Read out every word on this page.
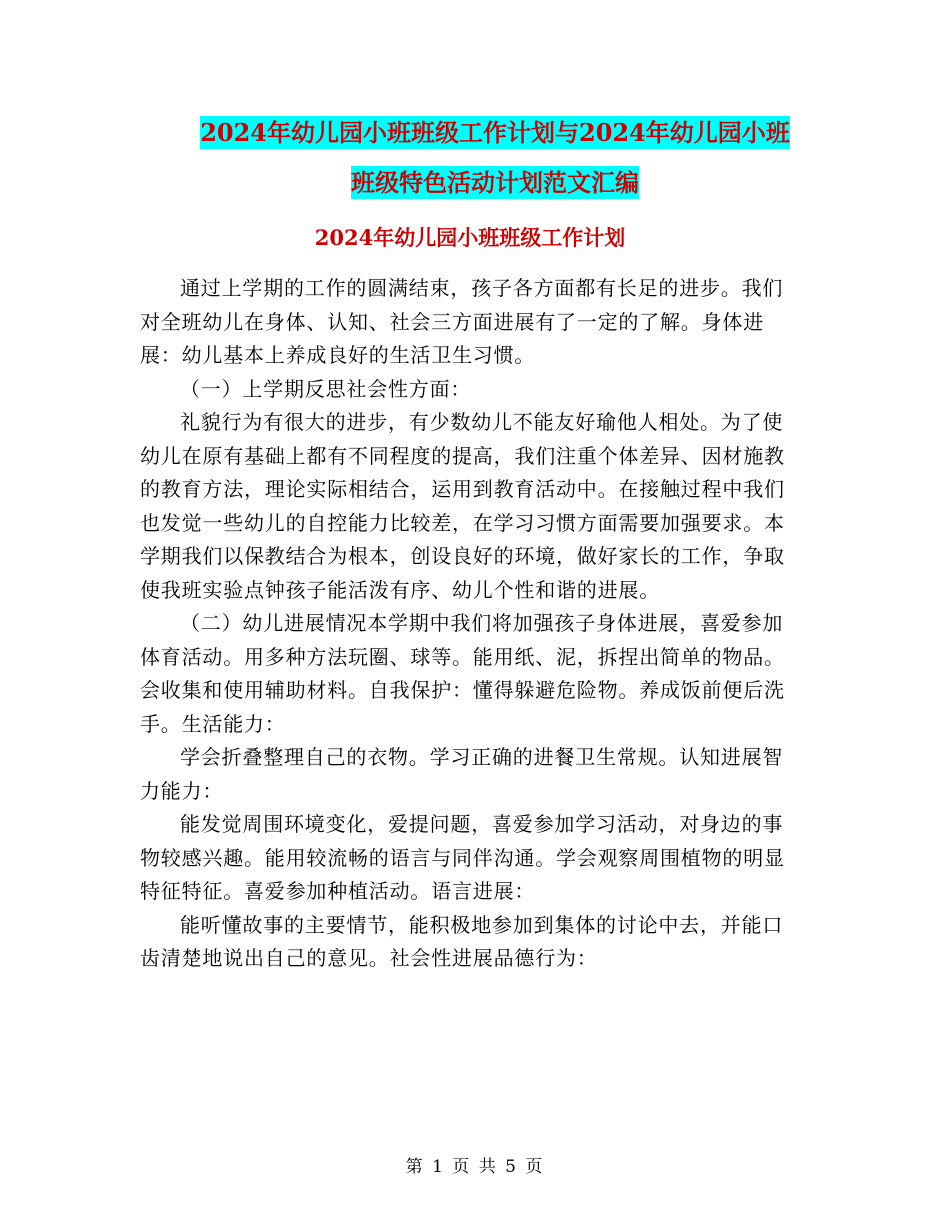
2024年幼儿园小班班级工作计划与2024年幼儿园小班
班级特色活动计划范文汇编
2024年幼儿园小班班级工作计划

通过上学期的工作的圆满结束，孩子各方面都有长足的进步。我们对全班幼儿在身体、认知、社会三方面进展有了一定的了解。身体进展：幼儿基本上养成良好的生活卫生习惯。

（一）上学期反思社会性方面：

礼貌行为有很大的进步，有少数幼儿不能友好瑜他人相处。为了使幼儿在原有基础上都有不同程度的提高，我们注重个体差异、因材施教的教育方法，理论实际相结合，运用到教育活动中。在接触过程中我们也发觉一些幼儿的自控能力比较差，在学习习惯方面需要加强要求。本学期我们以保教结合为根本，创设良好的环境，做好家长的工作，争取使我班实验点钟孩子能活泼有序、幼儿个性和谐的进展。

（二）幼儿进展情况本学期中我们将加强孩子身体进展，喜爱参加体育活动。用多种方法玩圈、球等。能用纸、泥，拆捏出简单的物品。会收集和使用辅助材料。自我保护：懂得躲避危险物。养成饭前便后洗手。生活能力：

学会折叠整理自己的衣物。学习正确的进餐卫生常规。认知进展智力能力：

能发觉周围环境变化，爱提问题，喜爱参加学习活动，对身边的事物较感兴趣。能用较流畅的语言与同伴沟通。学会观察周围植物的明显特征特征。喜爱参加种植活动。语言进展：

能听懂故事的主要情节，能积极地参加到集体的讨论中去，并能口齿清楚地说出自己的意见。社会性进展品德行为：

第 1 页 共 5 页
